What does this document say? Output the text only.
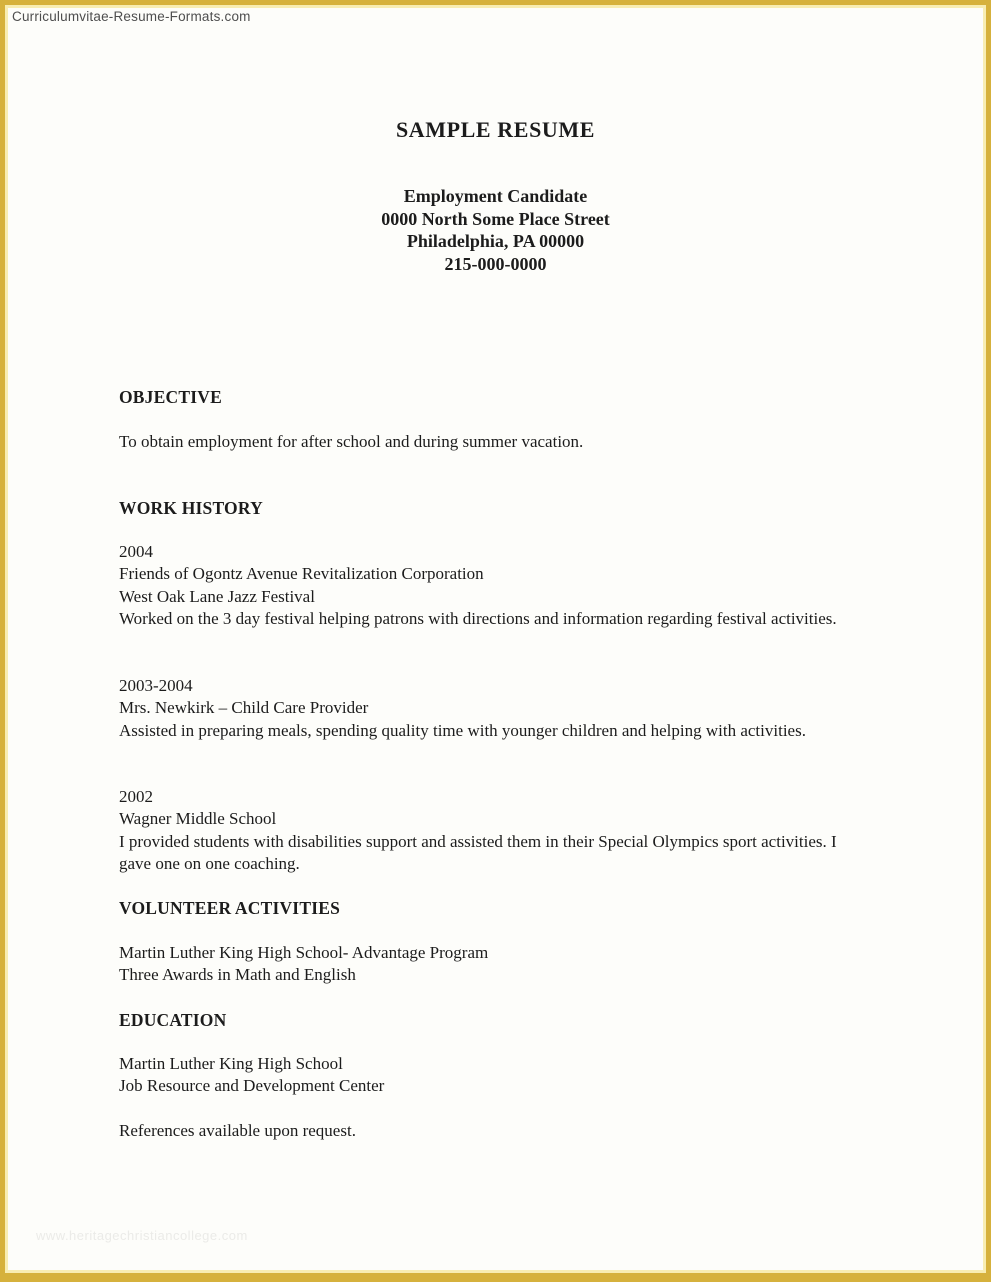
Curriculumvitae-Resume-Formats.com
SAMPLE RESUME
Employment Candidate
0000 North Some Place Street
Philadelphia, PA 00000
215-000-0000
OBJECTIVE
To obtain employment for after school and during summer vacation.
WORK HISTORY
2004
Friends of Ogontz Avenue Revitalization Corporation
West Oak Lane Jazz Festival
Worked on the 3 day festival helping patrons with directions and information regarding festival activities.
2003-2004
Mrs. Newkirk – Child Care Provider
Assisted in preparing meals, spending quality time with younger children and helping with activities.
2002
Wagner Middle School
I provided students with disabilities support and assisted them in their Special Olympics sport activities. I gave one on one coaching.
VOLUNTEER ACTIVITIES
Martin Luther King High School- Advantage Program
Three Awards in Math and English
EDUCATION
Martin Luther King High School
Job Resource and Development Center
References available upon request.
www.heritagechristiancollege.com
